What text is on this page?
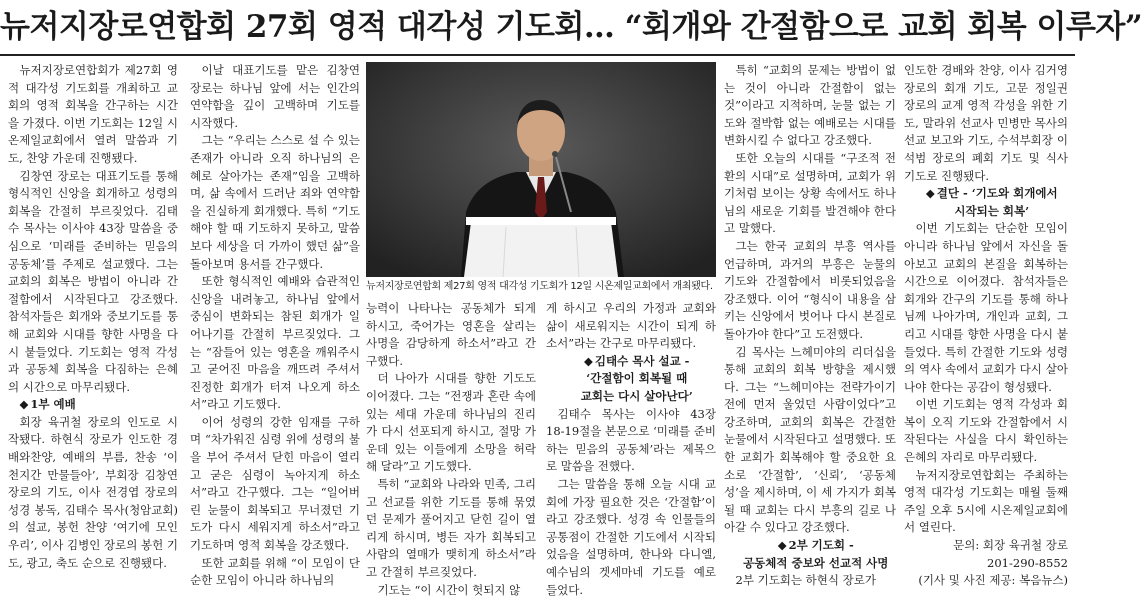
뉴저지장로연합회 27회 영적 대각성 기도회… “회개와 간절함으로 교회 회복 이루자”

뉴저지장로연합회가 제27회 영적 대각성 기도회를 개최하고 교회의 영적 회복을 간구하는 시간을 가졌다. 이번 기도회는 12일 시온제일교회에서 열려 말씀과 기도, 찬양 가운데 진행됐다.

김창연 장로는 대표기도를 통해 형식적인 신앙을 회개하고 성령의 회복을 간절히 부르짖었다. 김태수 목사는 이사야 43장 말씀을 중심으로 ‘미래를 준비하는 믿음의 공동체’를 주제로 설교했다. 그는 교회의 회복은 방법이 아니라 간절함에서 시작된다고 강조했다. 참석자들은 회개와 중보기도를 통해 교회와 시대를 향한 사명을 다시 붙들었다. 기도회는 영적 각성과 공동체 회복을 다짐하는 은혜의 시간으로 마무리됐다.

◆ 1부 예배

회장 육귀철 장로의 인도로 시작됐다. 하현식 장로가 인도한 경배와찬양, 예배의 부름, 찬송 ‘이 천지간 만물들아’, 부회장 김창연 장로의 기도, 이사 전경엽 장로의 성경 봉독, 김태수 목사(청암교회)의 설교, 봉헌 찬양 ‘여기에 모인 우리’, 이사 김병인 장로의 봉헌 기도, 광고, 축도 순으로 진행됐다.

이날 대표기도를 맡은 김창연 장로는 하나님 앞에 서는 인간의 연약함을 깊이 고백하며 기도를 시작했다.

그는 “우리는 스스로 설 수 있는 존재가 아니라 오직 하나님의 은혜로 살아가는 존재”임을 고백하며, 삶 속에서 드러난 죄와 연약함을 진실하게 회개했다. 특히 “기도해야 할 때 기도하지 못하고, 말씀보다 세상을 더 가까이 했던 삶”을 돌아보며 용서를 간구했다.

또한 형식적인 예배와 습관적인 신앙을 내려놓고, 하나님 앞에서 중심이 변화되는 참된 회개가 일어나기를 간절히 부르짖었다. 그는 “잠들어 있는 영혼을 깨워주시고 굳어진 마음을 깨뜨려 주셔서 진정한 회개가 터져 나오게 하소서”라고 기도했다.

이어 성령의 강한 임재를 구하며 “차가워진 심령 위에 성령의 불을 부어 주셔서 닫힌 마음이 열리고 굳은 심령이 녹아지게 하소서”라고 간구했다. 그는 “일어버린 눈물이 회복되고 무너졌던 기도가 다시 세워지게 하소서”라고 기도하며 영적 회복을 강조했다.

또한 교회를 위해 “이 모임이 단순한 모임이 아니라 하나님의

뉴저지장로연합회 제27회 영적 대각성 기도회가 12일 시온제일교회에서 개최됐다.

능력이 나타나는 공동체가 되게 하시고, 죽어가는 영혼을 살리는 사명을 감당하게 하소서”라고 간구했다.

더 나아가 시대를 향한 기도도 이어졌다. 그는 “전쟁과 혼란 속에 있는 세대 가운데 하나님의 진리가 다시 선포되게 하시고, 절망 가운데 있는 이들에게 소망을 허락해 달라”고 기도했다.

특히 “교회와 나라와 민족, 그리고 선교를 위한 기도를 통해 묶였던 문제가 풀어지고 닫힌 길이 열리게 하시며, 병든 자가 회복되고 사람의 열매가 맺히게 하소서”라고 간절히 부르짖었다.

기도는 “이 시간이 헛되지 않

게 하시고 우리의 가정과 교회와 삶이 새로워지는 시간이 되게 하소서”라는 간구로 마무리됐다.

◆ 김태수 목사 설교 -

‘간절함이 회복될 때

교회는 다시 살아난다’

김태수 목사는 이사야 43장 18-19절을 본문으로 ‘미래를 준비하는 믿음의 공동체’라는 제목으로 말씀을 전했다.

그는 말씀을 통해 오늘 시대 교회에 가장 필요한 것은 ‘간절함’이라고 강조했다. 성경 속 인물들의 공통점이 간절한 기도에서 시작되었음을 설명하며, 한나와 다니엘, 예수님의 겟세마네 기도를 예로 들었다.

특히 “교회의 문제는 방법이 없는 것이 아니라 간절함이 없는 것”이라고 지적하며, 눈물 없는 기도와 절박함 없는 예배로는 시대를 변화시킬 수 없다고 강조했다.

또한 오늘의 시대를 “구조적 전환의 시대”로 설명하며, 교회가 위기처럼 보이는 상황 속에서도 하나님의 새로운 기회를 발견해야 한다고 말했다.

그는 한국 교회의 부흥 역사를 언급하며, 과거의 부흥은 눈물의 기도와 간절함에서 비롯되었음을 강조했다. 이어 “형식이 내용을 삼키는 신앙에서 벗어나 다시 본질로 돌아가야 한다”고 도전했다.

김 목사는 느헤미야의 리더십을 통해 교회의 회복 방향을 제시했다. 그는 “느헤미야는 전략가이기 전에 먼저 울었던 사람이었다”고 강조하며, 교회의 회복은 간절한 눈물에서 시작된다고 설명했다. 또한 교회가 회복해야 할 중요한 요소로 ‘간절함’, ‘신뢰’, ‘공동체성’을 제시하며, 이 세 가지가 회복될 때 교회는 다시 부흥의 길로 나아갈 수 있다고 강조했다.

◆ 2부 기도회 -

공동체적 중보와 선교적 사명

2부 기도회는 하현식 장로가

인도한 경배와 찬양, 이사 김거영 장로의 회개 기도, 고문 정일권 장로의 교계 영적 각성을 위한 기도, 말라위 선교사 민병만 목사의 선교 보고와 기도, 수석부회장 이석범 장로의 폐회 기도 및 식사 기도로 진행됐다.

◆ 결단 - ‘기도와 회개에서

시작되는 회복’

이번 기도회는 단순한 모임이 아니라 하나님 앞에서 자신을 돌아보고 교회의 본질을 회복하는 시간으로 이어졌다. 참석자들은 회개와 간구의 기도를 통해 하나님께 나아가며, 개인과 교회, 그리고 시대를 향한 사명을 다시 붙들었다. 특히 간절한 기도와 성령의 역사 속에서 교회가 다시 살아나야 한다는 공감이 형성됐다.

이번 기도회는 영적 각성과 회복이 오직 기도와 간절함에서 시작된다는 사실을 다시 확인하는 은혜의 자리로 마무리됐다.

뉴저지장로연합회는 주최하는 영적 대각성 기도회는 매월 둘째 주일 오후 5시에 시온제일교회에서 열린다.

문의: 회장 육귀철 장로

201-290-8552

(기사 및 사진 제공: 복음뉴스)
